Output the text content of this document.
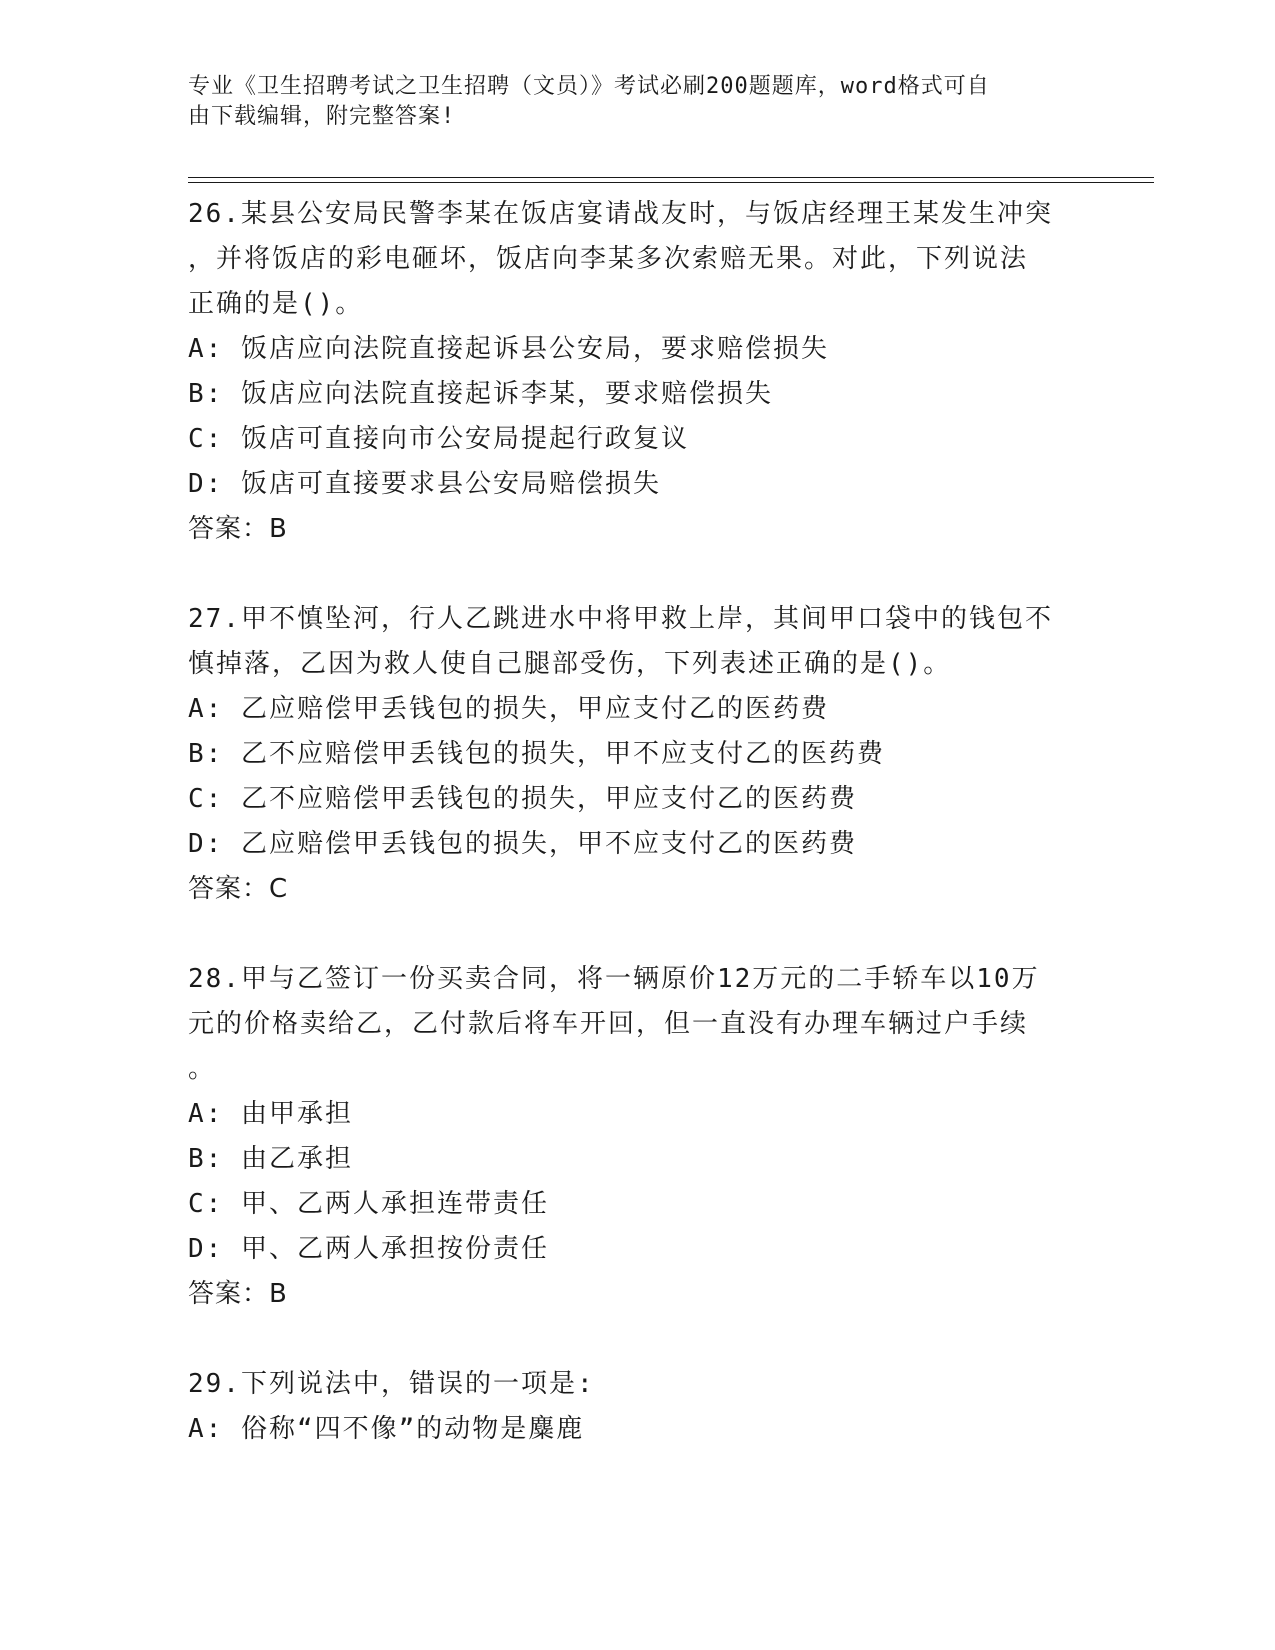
专业《卫生招聘考试之卫生招聘（文员）》考试必刷200题题库，word格式可自
由下载编辑，附完整答案!

26.某县公安局民警李某在饭店宴请战友时，与饭店经理王某发生冲突

，并将饭店的彩电砸坏，饭店向李某多次索赔无果。对此，下列说法

正确的是()。

A: 饭店应向法院直接起诉县公安局，要求赔偿损失

B: 饭店应向法院直接起诉李某，要求赔偿损失

C: 饭店可直接向市公安局提起行政复议

D: 饭店可直接要求县公安局赔偿损失

答案：B

27.甲不慎坠河，行人乙跳进水中将甲救上岸，其间甲口袋中的钱包不

慎掉落，乙因为救人使自己腿部受伤，下列表述正确的是()。

A: 乙应赔偿甲丢钱包的损失，甲应支付乙的医药费

B: 乙不应赔偿甲丢钱包的损失，甲不应支付乙的医药费

C: 乙不应赔偿甲丢钱包的损失，甲应支付乙的医药费

D: 乙应赔偿甲丢钱包的损失，甲不应支付乙的医药费

答案：C

28.甲与乙签订一份买卖合同，将一辆原价12万元的二手轿车以10万

元的价格卖给乙，乙付款后将车开回，但一直没有办理车辆过户手续

。

A: 由甲承担

B: 由乙承担

C: 甲、乙两人承担连带责任

D: 甲、乙两人承担按份责任

答案：B

29.下列说法中，错误的一项是:

A: 俗称“四不像”的动物是麋鹿
